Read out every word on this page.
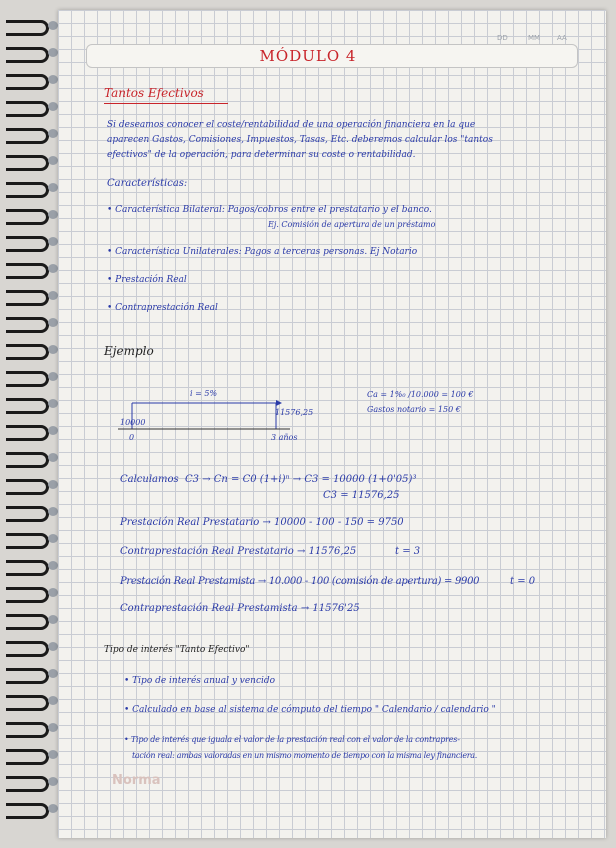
DD	MM AA
MÓDULO 4
Tantos Efectivos
Si deseamos conocer el coste/rentabilidad de una operación financiera en la que
aparecen Gastos, Comisiones, Impuestos, Tasas, Etc. deberemos calcular los "tantos
efectivos" de la operación, para determinar su coste o rentabilidad.
Características:
• Característica Bilateral: Pagos/cobros entre el prestatario y el banco.
Ej. Comisión de apertura de un préstamo
• Característica Unilaterales: Pagos a terceras personas. Ej Notario
• Prestación Real
• Contraprestación Real
Ejemplo
i = 5%
10000
11576,25
0	3 años
Ca = 1%₀ /10.000 = 100 €
Gastos notario = 150 €
Calculamos C3 → Cn = C0 (1+i)ⁿ → C3 = 10000 (1+0'05)³
C3 = 11576,25
Prestación Real Prestatario → 10000 - 100 - 150 = 9750
Contraprestación Real Prestatario → 11576,25	t = 3
Prestación Real Prestamista → 10.000 - 100 (comisión de apertura) = 9900	t = 0
Contraprestación Real Prestamista → 11576'25
Tipo de interés "Tanto Efectivo"
• Tipo de interés anual y vencido
• Calculado en base al sistema de cómputo del tiempo " Calendario / calendario "
• Tipo de interés que iguala el valor de la prestación real con el valor de la contrapres-
tación real: ambas valoradas en un mismo momento de tiempo con la misma ley financiera.
Norma
